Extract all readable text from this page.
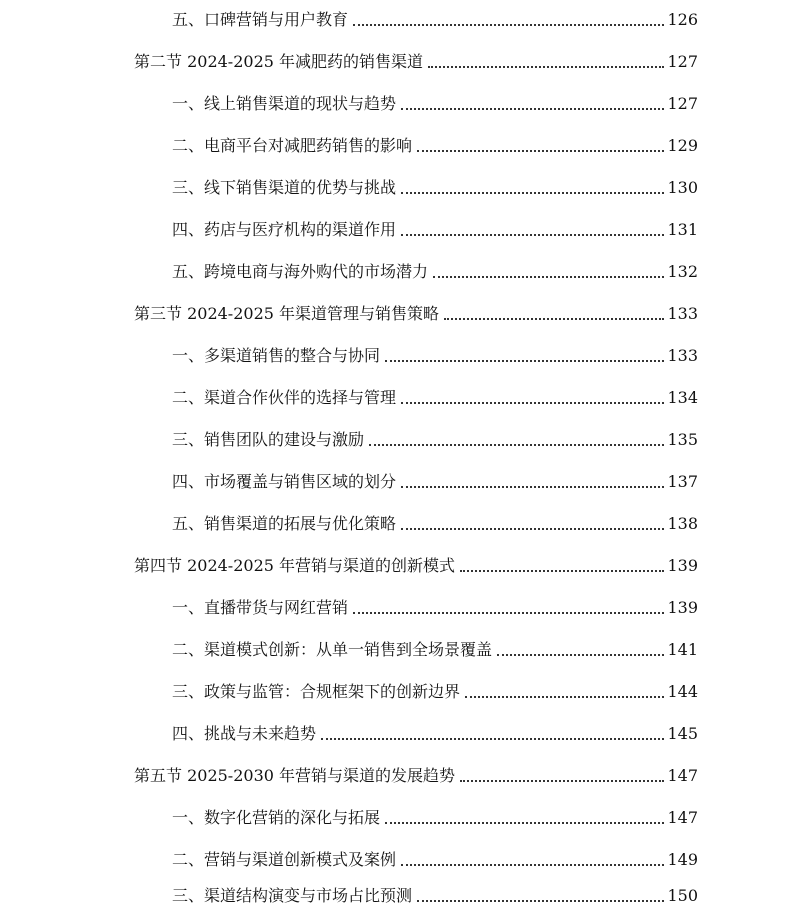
五、口碑营销与用户教育	126
第二节 2024-2025 年减肥药的销售渠道	127
一、线上销售渠道的现状与趋势	127
二、电商平台对减肥药销售的影响	129
三、线下销售渠道的优势与挑战	130
四、药店与医疗机构的渠道作用	131
五、跨境电商与海外购代的市场潜力	132
第三节 2024-2025 年渠道管理与销售策略	133
一、多渠道销售的整合与协同	133
二、渠道合作伙伴的选择与管理	134
三、销售团队的建设与激励	135
四、市场覆盖与销售区域的划分	137
五、销售渠道的拓展与优化策略	138
第四节 2024-2025 年营销与渠道的创新模式	139
一、直播带货与网红营销	139
二、渠道模式创新：从单一销售到全场景覆盖	141
三、政策与监管：合规框架下的创新边界	144
四、挑战与未来趋势	145
第五节 2025-2030 年营销与渠道的发展趋势	147
一、数字化营销的深化与拓展	147
二、营销与渠道创新模式及案例	149
三、渠道结构演变与市场占比预测	150
